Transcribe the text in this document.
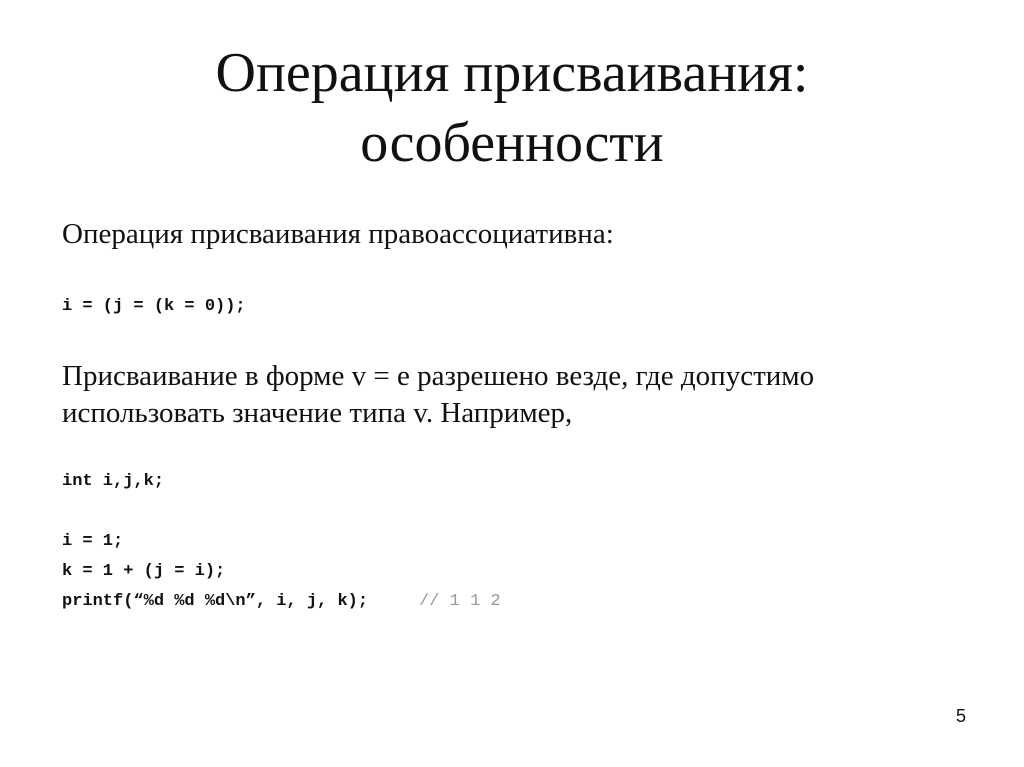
Операция присваивания:
особенности

Операция присваивания правоассоциативна:

i = (j = (k = 0));

Присваивание в форме v = e разрешено везде, где допустимо
использовать значение типа v. Например,

int i,j,k;
i = 1;
k = 1 + (j = i);
printf(“%d %d %d\n”, i, j, k);	// 1 1 2
5
